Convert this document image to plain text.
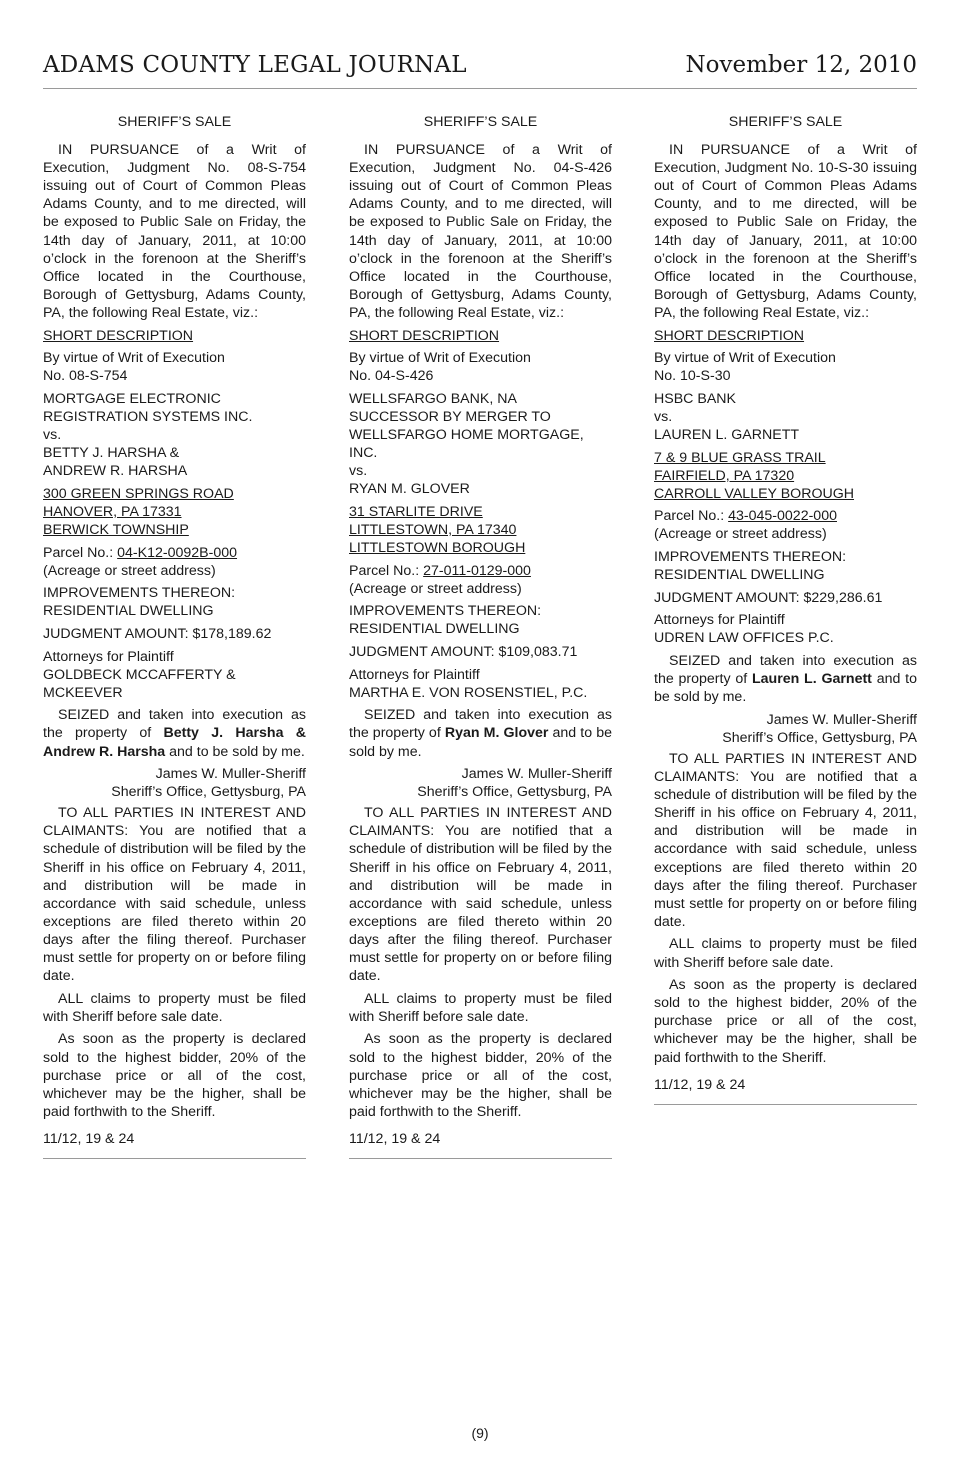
ADAMS COUNTY LEGAL JOURNAL	November 12, 2010

SHERIFF’S SALE

IN PURSUANCE of a Writ of Execution, Judgment No. 08-S-754 issuing out of Court of Common Pleas Adams County, and to me directed, will be exposed to Public Sale on Friday, the 14th day of January, 2011, at 10:00 o’clock in the forenoon at the Sheriff’s Office located in the Courthouse, Borough of Gettysburg, Adams County, PA, the following Real Estate, viz.:

SHORT DESCRIPTION

By virtue of Writ of Execution
No. 08-S-754

MORTGAGE ELECTRONIC
REGISTRATION SYSTEMS INC.
vs.
BETTY J. HARSHA &
ANDREW R. HARSHA

300 GREEN SPRINGS ROAD
HANOVER, PA 17331
BERWICK TOWNSHIP

Parcel No.: 04-K12-0092B-000
(Acreage or street address)

IMPROVEMENTS THEREON:
RESIDENTIAL DWELLING

JUDGMENT AMOUNT: $178,189.62

Attorneys for Plaintiff
GOLDBECK MCCAFFERTY &
MCKEEVER

SEIZED and taken into execution as the property of Betty J. Harsha & Andrew R. Harsha and to be sold by me.

James W. Muller-Sheriff
Sheriff’s Office, Gettysburg, PA

TO ALL PARTIES IN INTEREST AND CLAIMANTS: You are notified that a schedule of distribution will be filed by the Sheriff in his office on February 4, 2011, and distribution will be made in accordance with said schedule, unless exceptions are filed thereto within 20 days after the filing thereof. Purchaser must settle for property on or before filing date.

ALL claims to property must be filed with Sheriff before sale date.

As soon as the property is declared sold to the highest bidder, 20% of the purchase price or all of the cost, whichever may be the higher, shall be paid forthwith to the Sheriff.

11/12, 19 & 24

SHERIFF’S SALE

IN PURSUANCE of a Writ of Execution, Judgment No. 04-S-426 issuing out of Court of Common Pleas Adams County, and to me directed, will be exposed to Public Sale on Friday, the 14th day of January, 2011, at 10:00 o’clock in the forenoon at the Sheriff’s Office located in the Courthouse, Borough of Gettysburg, Adams County, PA, the following Real Estate, viz.:

SHORT DESCRIPTION

By virtue of Writ of Execution
No. 04-S-426

WELLSFARGO BANK, NA
SUCCESSOR BY MERGER TO
WELLSFARGO HOME MORTGAGE,
INC.
vs.
RYAN M. GLOVER

31 STARLITE DRIVE
LITTLESTOWN, PA 17340
LITTLESTOWN BOROUGH

Parcel No.: 27-011-0129-000
(Acreage or street address)

IMPROVEMENTS THEREON:
RESIDENTIAL DWELLING

JUDGMENT AMOUNT: $109,083.71

Attorneys for Plaintiff
MARTHA E. VON ROSENSTIEL, P.C.

SEIZED and taken into execution as the property of Ryan M. Glover and to be sold by me.

James W. Muller-Sheriff
Sheriff’s Office, Gettysburg, PA

TO ALL PARTIES IN INTEREST AND CLAIMANTS: You are notified that a schedule of distribution will be filed by the Sheriff in his office on February 4, 2011, and distribution will be made in accordance with said schedule, unless exceptions are filed thereto within 20 days after the filing thereof. Purchaser must settle for property on or before filing date.

ALL claims to property must be filed with Sheriff before sale date.

As soon as the property is declared sold to the highest bidder, 20% of the purchase price or all of the cost, whichever may be the higher, shall be paid forthwith to the Sheriff.

11/12, 19 & 24

SHERIFF’S SALE

IN PURSUANCE of a Writ of Execution, Judgment No. 10-S-30 issuing out of Court of Common Pleas Adams County, and to me directed, will be exposed to Public Sale on Friday, the 14th day of January, 2011, at 10:00 o’clock in the forenoon at the Sheriff’s Office located in the Courthouse, Borough of Gettysburg, Adams County, PA, the following Real Estate, viz.:

SHORT DESCRIPTION

By virtue of Writ of Execution
No. 10-S-30

HSBC BANK
vs.
LAUREN L. GARNETT

7 & 9 BLUE GRASS TRAIL
FAIRFIELD, PA 17320
CARROLL VALLEY BOROUGH

Parcel No.: 43-045-0022-000
(Acreage or street address)

IMPROVEMENTS THEREON:
RESIDENTIAL DWELLING

JUDGMENT AMOUNT: $229,286.61

Attorneys for Plaintiff
UDREN LAW OFFICES P.C.

SEIZED and taken into execution as the property of Lauren L. Garnett and to be sold by me.

James W. Muller-Sheriff
Sheriff’s Office, Gettysburg, PA

TO ALL PARTIES IN INTEREST AND CLAIMANTS: You are notified that a schedule of distribution will be filed by the Sheriff in his office on February 4, 2011, and distribution will be made in accordance with said schedule, unless exceptions are filed thereto within 20 days after the filing thereof. Purchaser must settle for property on or before filing date.

ALL claims to property must be filed with Sheriff before sale date.

As soon as the property is declared sold to the highest bidder, 20% of the purchase price or all of the cost, whichever may be the higher, shall be paid forthwith to the Sheriff.

11/12, 19 & 24

(9)
